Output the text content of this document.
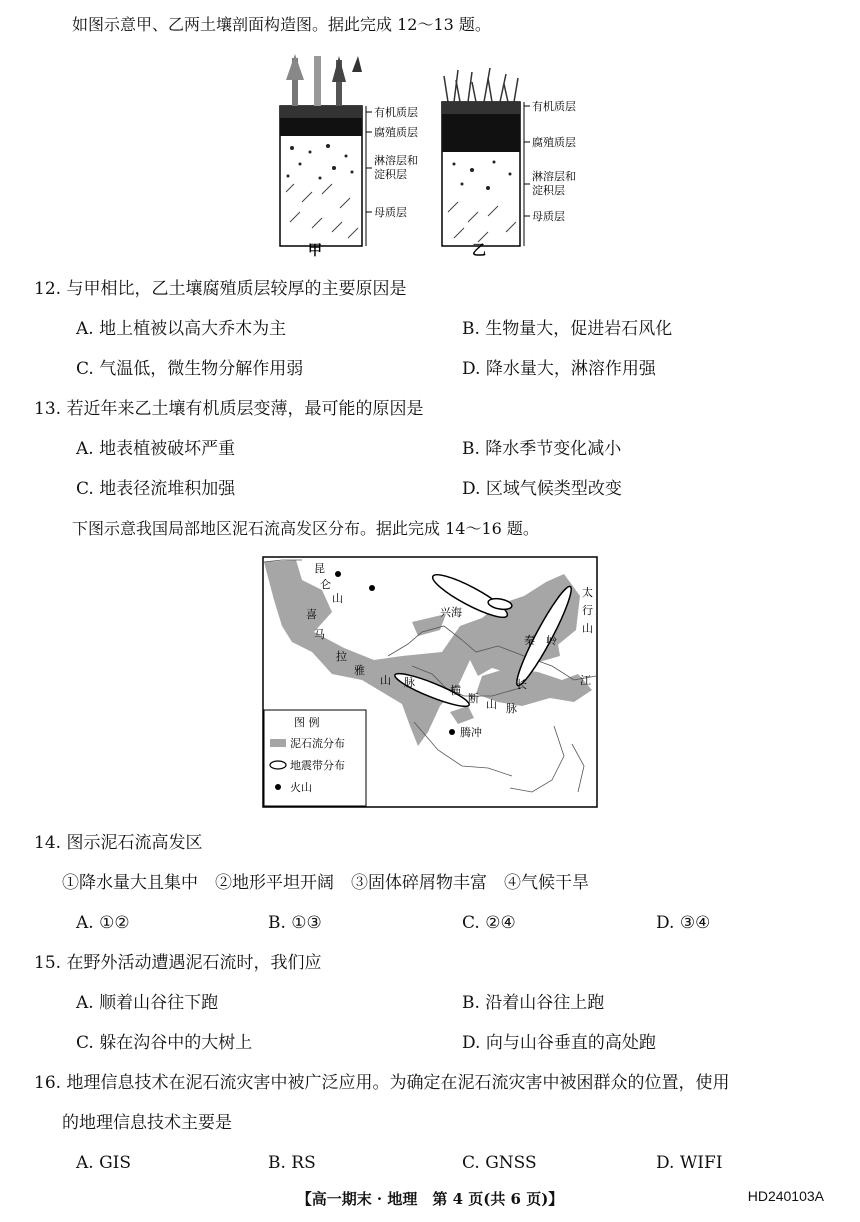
如图示意甲、乙两土壤剖面构造图。据此完成 12～13 题。
有机质层
腐殖质层
淋溶层和
淀积层
母质层
甲
有机质层
腐殖质层
淋溶层和
淀积层
母质层
乙
12. 与甲相比，乙土壤腐殖质层较厚的主要原因是
A. 地上植被以高大乔木为主	B. 生物量大，促进岩石风化
C. 气温低，微生物分解作用弱	D. 降水量大，淋溶作用强
13. 若近年来乙土壤有机质层变薄，最可能的原因是
A. 地表植被破坏严重	B. 降水季节变化减小
C. 地表径流堆积加强	D. 区域气候类型改变
下图示意我国局部地区泥石流高发区分布。据此完成 14～16 题。
昆
仑
山
喜
马
拉
雅
山 脉
兴海
秦 岭
太
行
山
横
断 山 脉
长	江
腾冲
图 例
泥石流分布
地震带分布
火山
14. 图示泥石流高发区
①降水量大且集中　②地形平坦开阔　③固体碎屑物丰富　④气候干旱
A. ①②	B. ①③	C. ②④	D. ③④
15. 在野外活动遭遇泥石流时，我们应
A. 顺着山谷往下跑	B. 沿着山谷往上跑
C. 躲在沟谷中的大树上	D. 向与山谷垂直的高处跑
16. 地理信息技术在泥石流灾害中被广泛应用。为确定在泥石流灾害中被困群众的位置，使用
的地理信息技术主要是
A. GIS	B. RS	C. GNSS	D. WIFI
【高一期末 · 地理　第 4 页(共 6 页)】	HD240103A
